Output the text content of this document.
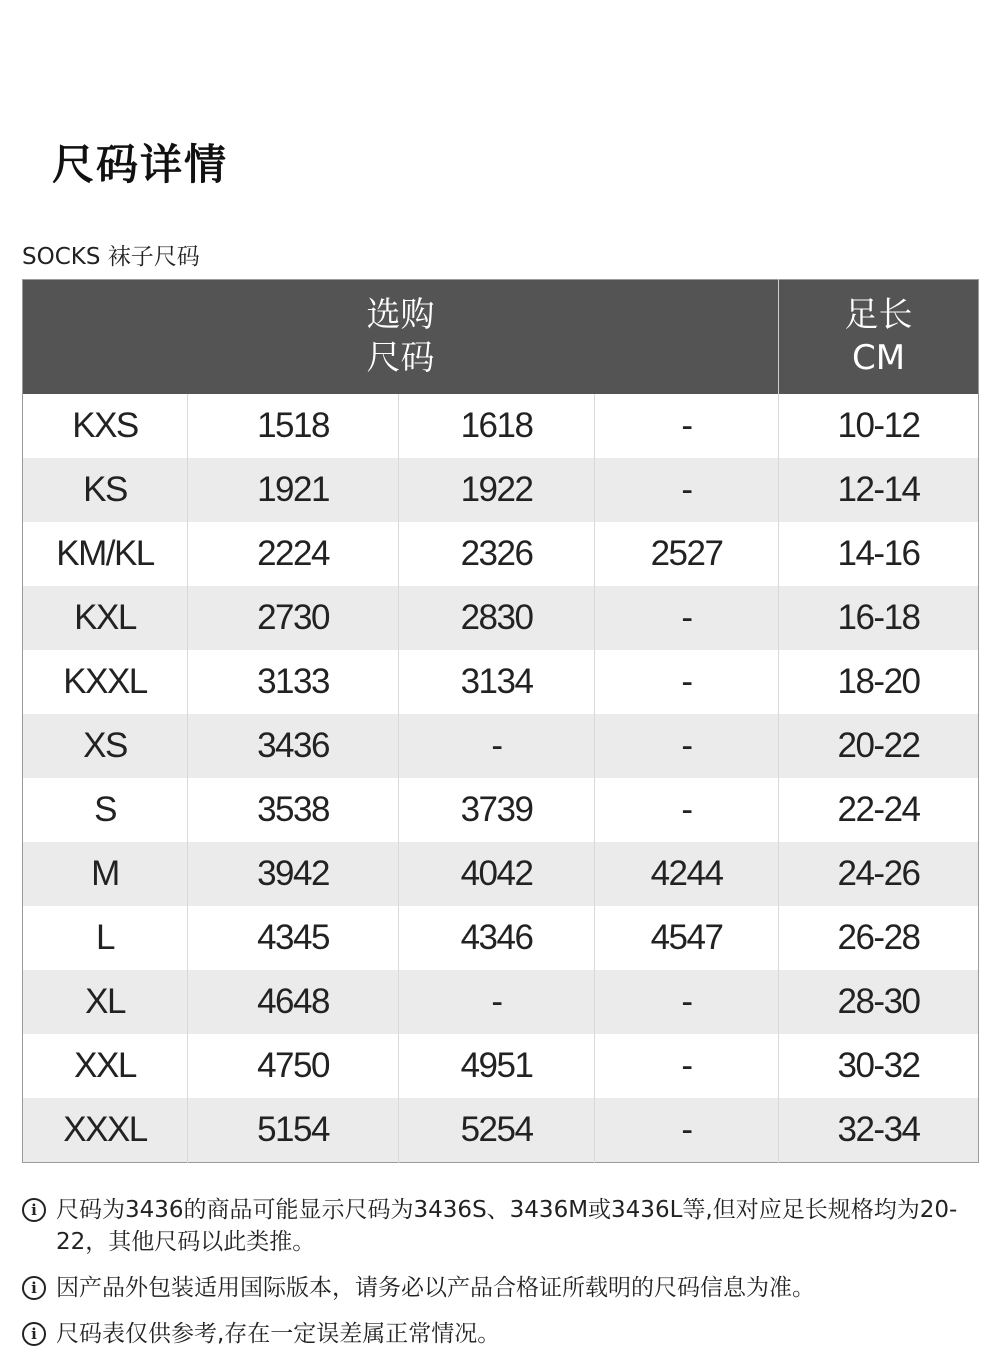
尺码详情
SOCKS 袜子尺码
选购
尺码				足长
CM
KXS	1518	1618	-	10-12
KS	1921	1922	-	12-14
KM/KL	2224	2326	2527	14-16
KXL	2730	2830	-	16-18
KXXL	3133	3134	-	18-20
XS	3436	-	-	20-22
S	3538	3739	-	22-24
M	3942	4042	4244	24-26
L	4345	4346	4547	26-28
XL	4648	-	-	28-30
XXL	4750	4951	-	30-32
XXXL	5154	5254	-	32-34
i 尺码为3436的商品可能显示尺码为3436S、3436M或3436L等,但对应足长规格均为20-22，其他尺码以此类推。
i 因产品外包装适用国际版本，请务必以产品合格证所载明的尺码信息为准。
i 尺码表仅供参考,存在一定误差属正常情况。
